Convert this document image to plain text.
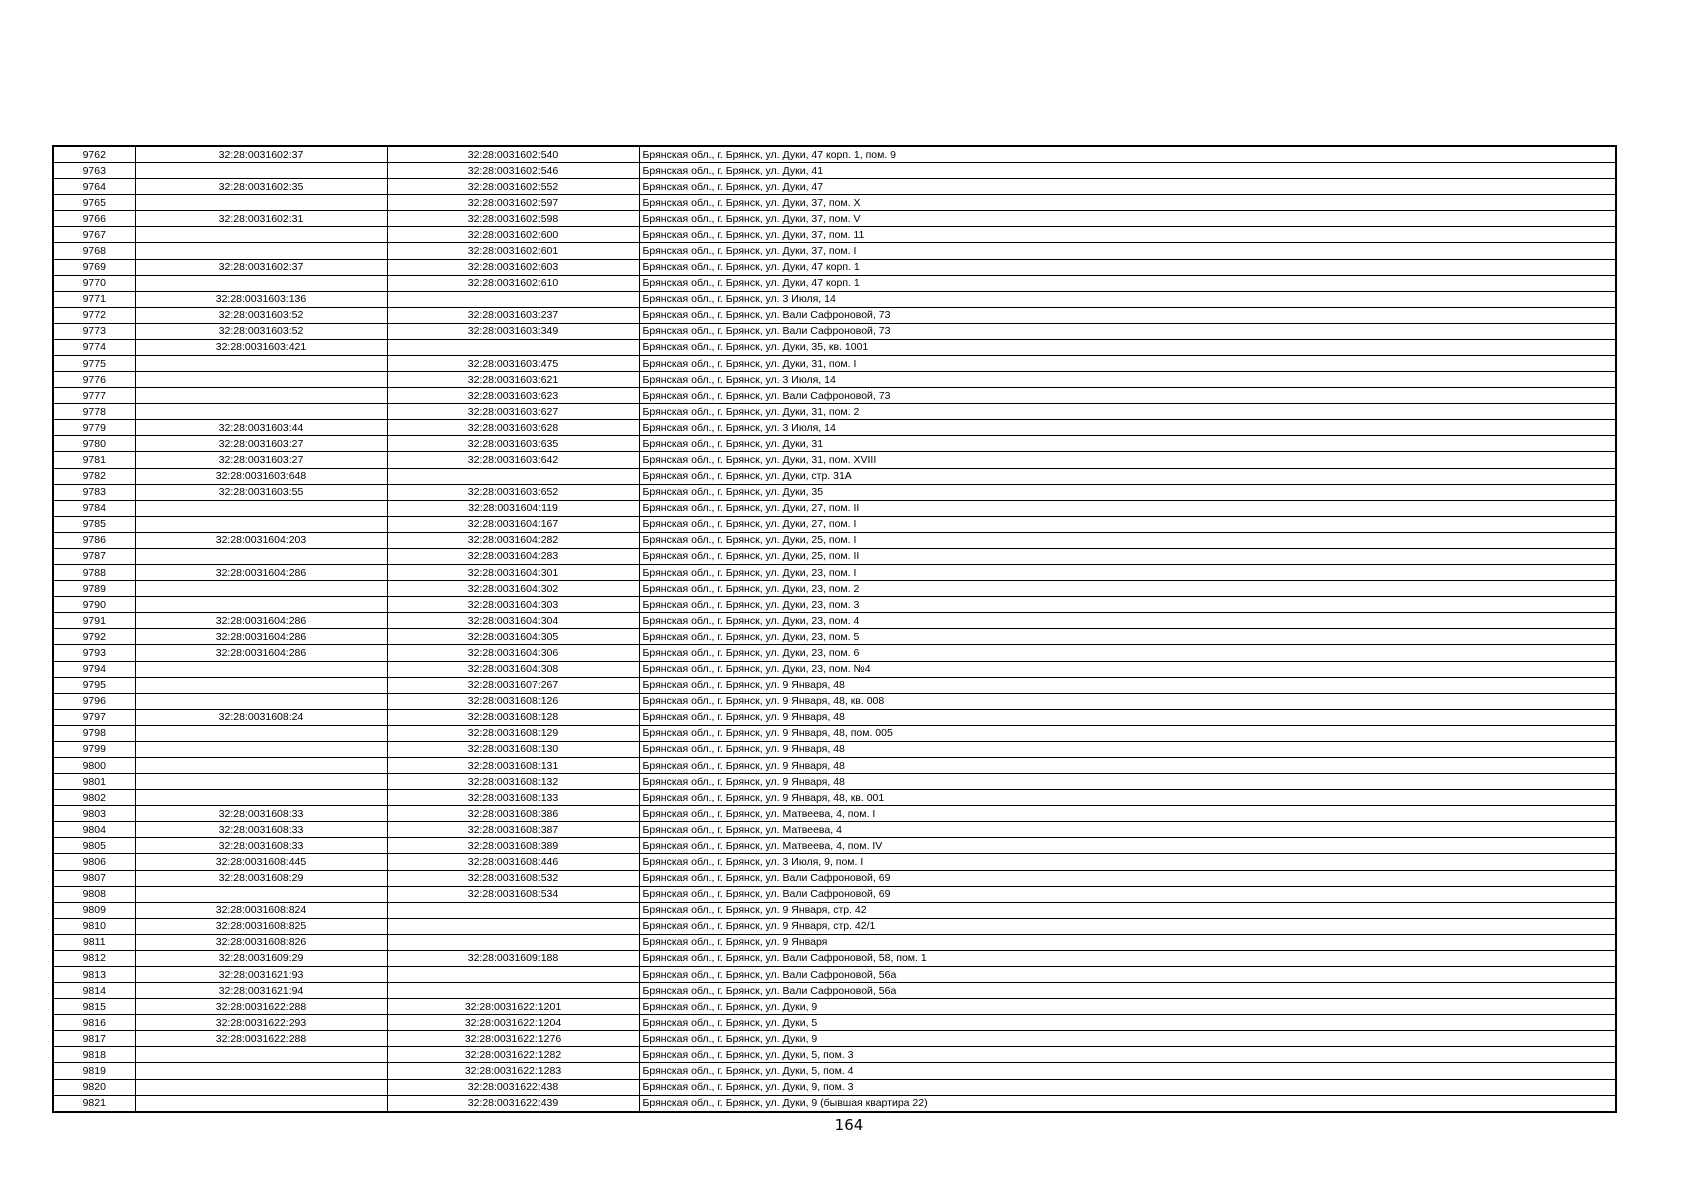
9762	32:28:0031602:37	32:28:0031602:540	Брянская обл., г. Брянск, ул. Дуки, 47 корп. 1, пом. 9
9763		32:28:0031602:546	Брянская обл., г. Брянск, ул. Дуки, 41
9764	32:28:0031602:35	32:28:0031602:552	Брянская обл., г. Брянск, ул. Дуки, 47
9765		32:28:0031602:597	Брянская обл., г. Брянск, ул. Дуки, 37, пом. X
9766	32:28:0031602:31	32:28:0031602:598	Брянская обл., г. Брянск, ул. Дуки, 37, пом. V
9767		32:28:0031602:600	Брянская обл., г. Брянск, ул. Дуки, 37, пом. 11
9768		32:28:0031602:601	Брянская обл., г. Брянск, ул. Дуки, 37, пом. I
9769	32:28:0031602:37	32:28:0031602:603	Брянская обл., г. Брянск, ул. Дуки, 47 корп. 1
9770		32:28:0031602:610	Брянская обл., г. Брянск, ул. Дуки, 47 корп. 1
9771	32:28:0031603:136		Брянская обл., г. Брянск, ул. 3 Июля, 14
9772	32:28:0031603:52	32:28:0031603:237	Брянская обл., г. Брянск, ул. Вали Сафроновой, 73
9773	32:28:0031603:52	32:28:0031603:349	Брянская обл., г. Брянск, ул. Вали Сафроновой, 73
9774	32:28:0031603:421		Брянская обл., г. Брянск, ул. Дуки, 35, кв. 1001
9775		32:28:0031603:475	Брянская обл., г. Брянск, ул. Дуки, 31, пом. I
9776		32:28:0031603:621	Брянская обл., г. Брянск, ул. 3 Июля, 14
9777		32:28:0031603:623	Брянская обл., г. Брянск, ул. Вали Сафроновой, 73
9778		32:28:0031603:627	Брянская обл., г. Брянск, ул. Дуки, 31, пом. 2
9779	32:28:0031603:44	32:28:0031603:628	Брянская обл., г. Брянск, ул. 3 Июля, 14
9780	32:28:0031603:27	32:28:0031603:635	Брянская обл., г. Брянск, ул. Дуки, 31
9781	32:28:0031603:27	32:28:0031603:642	Брянская обл., г. Брянск, ул. Дуки, 31, пом. XVIII
9782	32:28:0031603:648		Брянская обл., г. Брянск, ул. Дуки, стр. 31А
9783	32:28:0031603:55	32:28:0031603:652	Брянская обл., г. Брянск, ул. Дуки, 35
9784		32:28:0031604:119	Брянская обл., г. Брянск, ул. Дуки, 27, пом. II
9785		32:28:0031604:167	Брянская обл., г. Брянск, ул. Дуки, 27, пом. I
9786	32:28:0031604:203	32:28:0031604:282	Брянская обл., г. Брянск, ул. Дуки, 25, пом. I
9787		32:28:0031604:283	Брянская обл., г. Брянск, ул. Дуки, 25, пом. II
9788	32:28:0031604:286	32:28:0031604:301	Брянская обл., г. Брянск, ул. Дуки, 23, пом. I
9789		32:28:0031604:302	Брянская обл., г. Брянск, ул. Дуки, 23, пом. 2
9790		32:28:0031604:303	Брянская обл., г. Брянск, ул. Дуки, 23, пом. 3
9791	32:28:0031604:286	32:28:0031604:304	Брянская обл., г. Брянск, ул. Дуки, 23, пом. 4
9792	32:28:0031604:286	32:28:0031604:305	Брянская обл., г. Брянск, ул. Дуки, 23, пом. 5
9793	32:28:0031604:286	32:28:0031604:306	Брянская обл., г. Брянск, ул. Дуки, 23, пом. 6
9794		32:28:0031604:308	Брянская обл., г. Брянск, ул. Дуки, 23, пом. №4
9795		32:28:0031607:267	Брянская обл., г. Брянск, ул. 9 Января, 48
9796		32:28:0031608:126	Брянская обл., г. Брянск, ул. 9 Января, 48, кв. 008
9797	32:28:0031608:24	32:28:0031608:128	Брянская обл., г. Брянск, ул. 9 Января, 48
9798		32:28:0031608:129	Брянская обл., г. Брянск, ул. 9 Января, 48, пом. 005
9799		32:28:0031608:130	Брянская обл., г. Брянск, ул. 9 Января, 48
9800		32:28:0031608:131	Брянская обл., г. Брянск, ул. 9 Января, 48
9801		32:28:0031608:132	Брянская обл., г. Брянск, ул. 9 Января, 48
9802		32:28:0031608:133	Брянская обл., г. Брянск, ул. 9 Января, 48, кв. 001
9803	32:28:0031608:33	32:28:0031608:386	Брянская обл., г. Брянск, ул. Матвеева, 4, пом. I
9804	32:28:0031608:33	32:28:0031608:387	Брянская обл., г. Брянск, ул. Матвеева, 4
9805	32:28:0031608:33	32:28:0031608:389	Брянская обл., г. Брянск, ул. Матвеева, 4, пом. IV
9806	32:28:0031608:445	32:28:0031608:446	Брянская обл., г. Брянск, ул. 3 Июля, 9, пом. I
9807	32:28:0031608:29	32:28:0031608:532	Брянская обл., г. Брянск, ул. Вали Сафроновой, 69
9808		32:28:0031608:534	Брянская обл., г. Брянск, ул. Вали Сафроновой, 69
9809	32:28:0031608:824		Брянская обл., г. Брянск, ул. 9 Января, стр. 42
9810	32:28:0031608:825		Брянская обл., г. Брянск, ул. 9 Января, стр. 42/1
9811	32:28:0031608:826		Брянская обл., г. Брянск, ул. 9 Января
9812	32:28:0031609:29	32:28:0031609:188	Брянская обл., г. Брянск, ул. Вали Сафроновой, 58, пом. 1
9813	32:28:0031621:93		Брянская обл., г. Брянск, ул. Вали Сафроновой, 56а
9814	32:28:0031621:94		Брянская обл., г. Брянск, ул. Вали Сафроновой, 56а
9815	32:28:0031622:288	32:28:0031622:1201	Брянская обл., г. Брянск, ул. Дуки, 9
9816	32:28:0031622:293	32:28:0031622:1204	Брянская обл., г. Брянск, ул. Дуки, 5
9817	32:28:0031622:288	32:28:0031622:1276	Брянская обл., г. Брянск, ул. Дуки, 9
9818		32:28:0031622:1282	Брянская обл., г. Брянск, ул. Дуки, 5, пом. 3
9819		32:28:0031622:1283	Брянская обл., г. Брянск, ул. Дуки, 5, пом. 4
9820		32:28:0031622:438	Брянская обл., г. Брянск, ул. Дуки, 9, пом. 3
9821		32:28:0031622:439	Брянская обл., г. Брянск, ул. Дуки, 9 (бывшая квартира 22)
164
